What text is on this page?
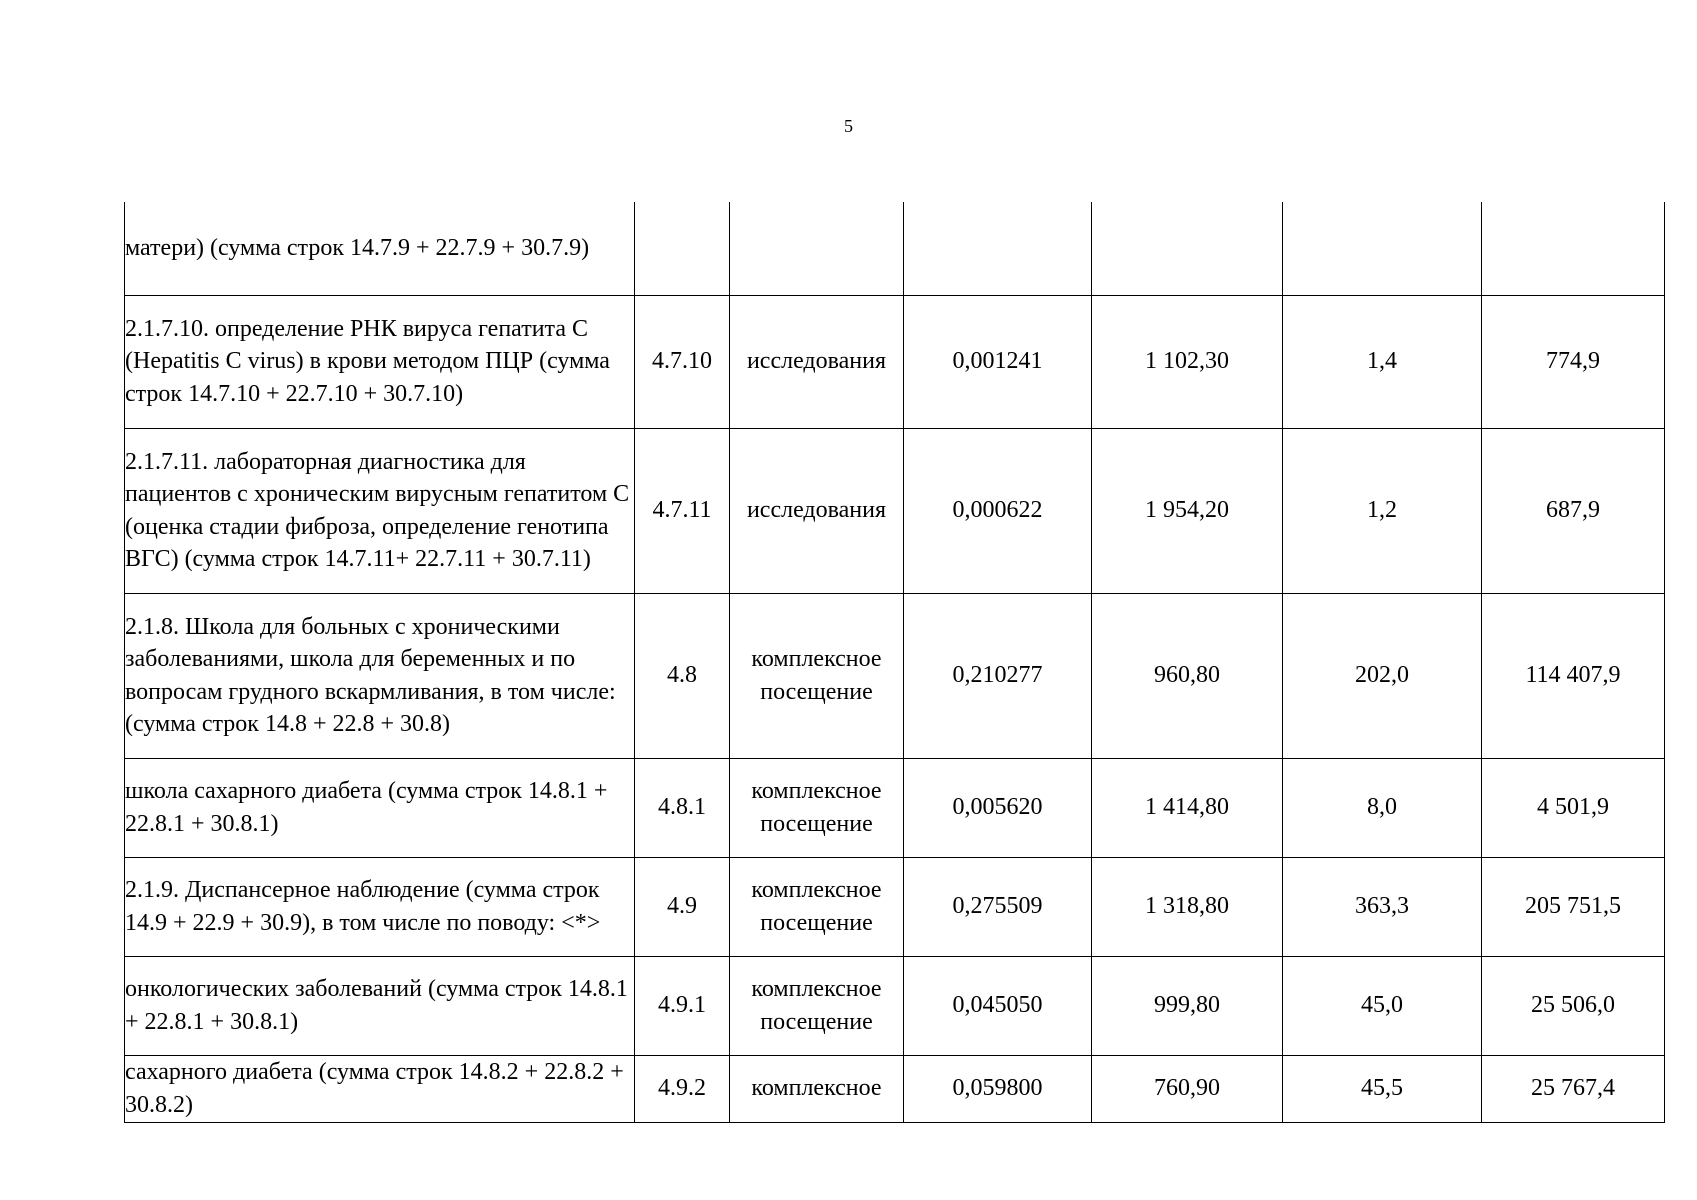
5
матери) (сумма строк 14.7.9 + 22.7.9 + 30.7.9)						
2.1.7.10. определение РНК вируса гепатита C (Hepatitis C virus) в крови методом ПЦР (сумма строк 14.7.10 + 22.7.10 + 30.7.10)	4.7.10	исследования	0,001241	1 102,30	1,4	774,9
2.1.7.11. лабораторная диагностика для пациентов с хроническим вирусным гепатитом C (оценка стадии фиброза, определение генотипа ВГС) (сумма строк 14.7.11+ 22.7.11 + 30.7.11)	4.7.11	исследования	0,000622	1 954,20	1,2	687,9
2.1.8. Школа для больных с хроническими заболеваниями, школа для беременных и по вопросам грудного вскармливания, в том числе: (сумма строк 14.8 + 22.8 + 30.8)	4.8	комплексное посещение	0,210277	960,80	202,0	114 407,9
школа сахарного диабета (сумма строк 14.8.1 + 22.8.1 + 30.8.1)	4.8.1	комплексное посещение	0,005620	1 414,80	8,0	4 501,9
2.1.9. Диспансерное наблюдение (сумма строк 14.9 + 22.9 + 30.9), в том числе по поводу: <*>	4.9	комплексное посещение	0,275509	1 318,80	363,3	205 751,5
онкологических заболеваний (сумма строк 14.8.1 + 22.8.1 + 30.8.1)	4.9.1	комплексное посещение	0,045050	999,80	45,0	25 506,0
сахарного диабета (сумма строк 14.8.2 + 22.8.2 + 30.8.2)	4.9.2	комплексное	0,059800	760,90	45,5	25 767,4
